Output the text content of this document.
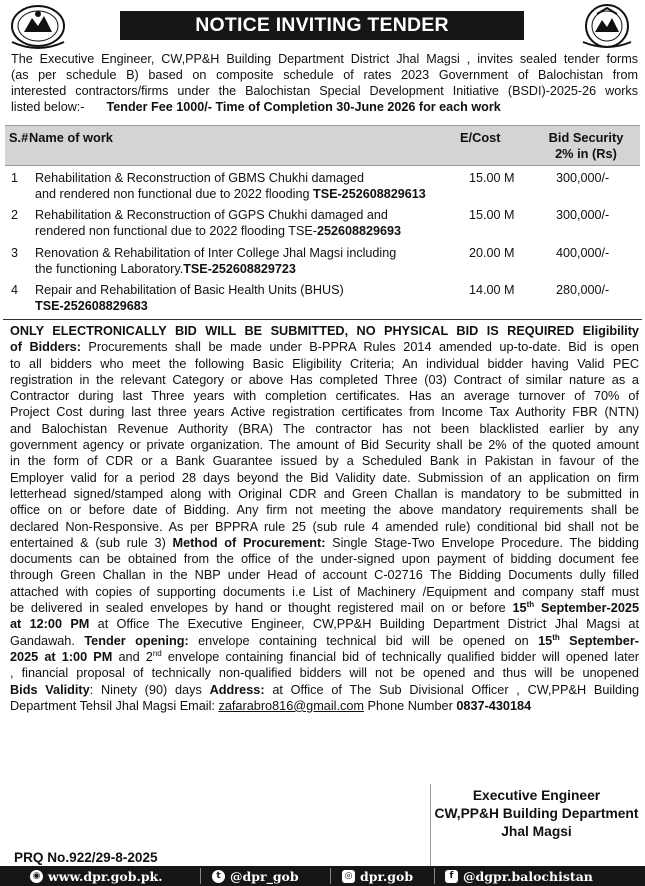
NOTICE INVITING TENDER
The Executive Engineer, CW,PP&H Building Department District Jhal Magsi , invites sealed tender forms
(as per schedule B) based on composite schedule of rates 2023 Government of Balochistan from
interested contractors/firms under the Balochistan Special Development Initiative (BSDI)-2025-26 works
listed below:- Tender Fee 1000/- Time of Completion 30-June 2026 for each work
S.# Name of work	E/Cost	Bid Security
2% in (Rs)
1 Rehabilitation & Reconstruction of GBMS Chukhi damaged
and rendered non functional due to 2022 flooding TSE-252608829613
15.00 M	300,000/-
2 Rehabilitation & Reconstruction of GGPS Chukhi damaged and
rendered non functional due to 2022 flooding TSE-252608829693
15.00 M	300,000/-
3 Renovation & Rehabilitation of Inter College Jhal Magsi including
the functioning Laboratory.TSE-252608829723
20.00 M	400,000/-
4 Repair and Rehabilitation of Basic Health Units (BHUS)
TSE-252608829683
14.00 M	280,000/-
ONLY ELECTRONICALLY BID WILL BE SUBMITTED, NO PHYSICAL BID IS REQUIRED Eligibility
of Bidders: Procurements shall be made under B-PPRA Rules 2014 amended up-to-date. Bid is open
to all bidders who meet the following Basic Eligibility Criteria; An individual bidder having Valid PEC
registration in the relevant Category or above Has completed Three (03) Contract of similar nature as a
Contractor during last Three years with completion certificates. Has an average turnover of 70% of
Project Cost during last three years Active registration certificates from Income Tax Authority FBR (NTN)
and Balochistan Revenue Authority (BRA) The contractor has not been blacklisted earlier by any
government agency or private organization. The amount of Bid Security shall be 2% of the quoted amount
in the form of CDR or a Bank Guarantee issued by a Scheduled Bank in Pakistan in favour of the
Employer valid for a period 28 days beyond the Bid Validity date. Submission of an application on firm
letterhead signed/stamped along with Original CDR and Green Challan is mandatory to be submitted in
office on or before date of Bidding. Any firm not meeting the above mandatory requirements shall be
declared Non-Responsive. As per BPPRA rule 25 (sub rule 4 amended rule) conditional bid shall not be
entertained & (sub rule 3) Method of Procurement: Single Stage-Two Envelope Procedure. The bidding
documents can be obtained from the office of the under-signed upon payment of bidding document fee
through Green Challan in the NBP under Head of account C-02716 The Bidding Documents dully filled
attached with copies of supporting documents i.e List of Machinery /Equipment and company staff must
be delivered in sealed envelopes by hand or thought registered mail on or before 15th September-2025
at 12:00 PM at Office The Executive Engineer, CW,PP&H Building Department District Jhal Magsi at
Gandawah. Tender opening: envelope containing technical bid will be opened on 15th September-
2025 at 1:00 PM and 2nd envelope containing financial bid of technically qualified bidder will opened later
, financial proposal of technically non-qualified bidders will not be opened and thus will be unopened
Bids Validity: Ninety (90) days Address: at Office of The Sub Divisional Officer , CW,PP&H Building
Department Tehsil Jhal Magsi Email: zafarabro816@gmail.com Phone Number 0837-430184
Executive Engineer
CW,PP&H Building Department
Jhal Magsi
PRQ No.922/29-8-2025
◉ www.dpr.gob.pk.	t @dpr_gob	◎ dpr.gob	f @dgpr.balochistan
